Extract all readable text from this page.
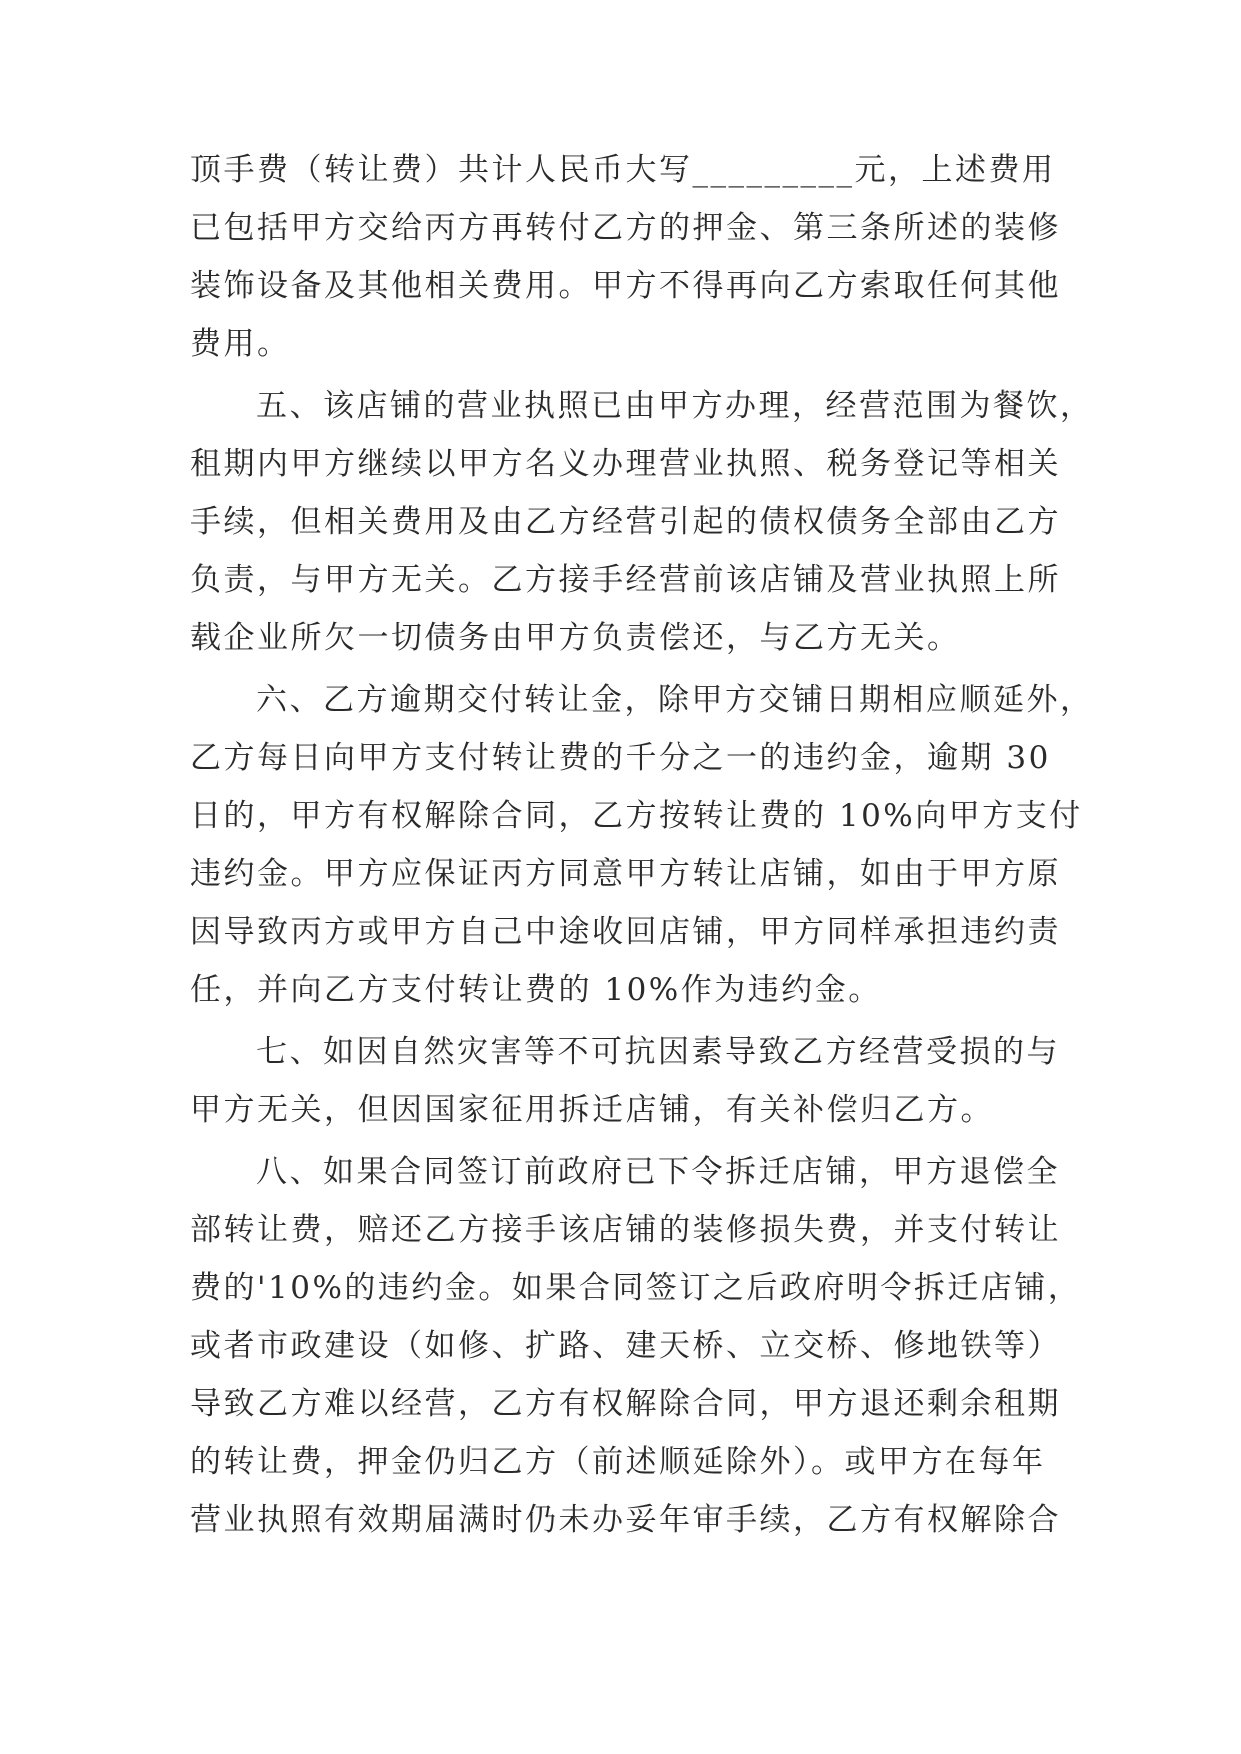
顶手费（转让费）共计人民币大写_________元，上述费用
已包括甲方交给丙方再转付乙方的押金、第三条所述的装修
装饰设备及其他相关费用。甲方不得再向乙方索取任何其他
费用。
五、该店铺的营业执照已由甲方办理，经营范围为餐饮，
租期内甲方继续以甲方名义办理营业执照、税务登记等相关
手续，但相关费用及由乙方经营引起的债权债务全部由乙方
负责，与甲方无关。乙方接手经营前该店铺及营业执照上所
载企业所欠一切债务由甲方负责偿还，与乙方无关。
六、乙方逾期交付转让金，除甲方交铺日期相应顺延外，
乙方每日向甲方支付转让费的千分之一的违约金，逾期 30
日的，甲方有权解除合同，乙方按转让费的 10%向甲方支付
违约金。甲方应保证丙方同意甲方转让店铺，如由于甲方原
因导致丙方或甲方自己中途收回店铺，甲方同样承担违约责
任，并向乙方支付转让费的 10%作为违约金。
七、如因自然灾害等不可抗因素导致乙方经营受损的与
甲方无关，但因国家征用拆迁店铺，有关补偿归乙方。
八、如果合同签订前政府已下令拆迁店铺，甲方退偿全
部转让费，赔还乙方接手该店铺的装修损失费，并支付转让
费的'10%的违约金。如果合同签订之后政府明令拆迁店铺，
或者市政建设（如修、扩路、建天桥、立交桥、修地铁等）
导致乙方难以经营，乙方有权解除合同，甲方退还剩余租期
的转让费，押金仍归乙方（前述顺延除外）。或甲方在每年
营业执照有效期届满时仍未办妥年审手续，乙方有权解除合
